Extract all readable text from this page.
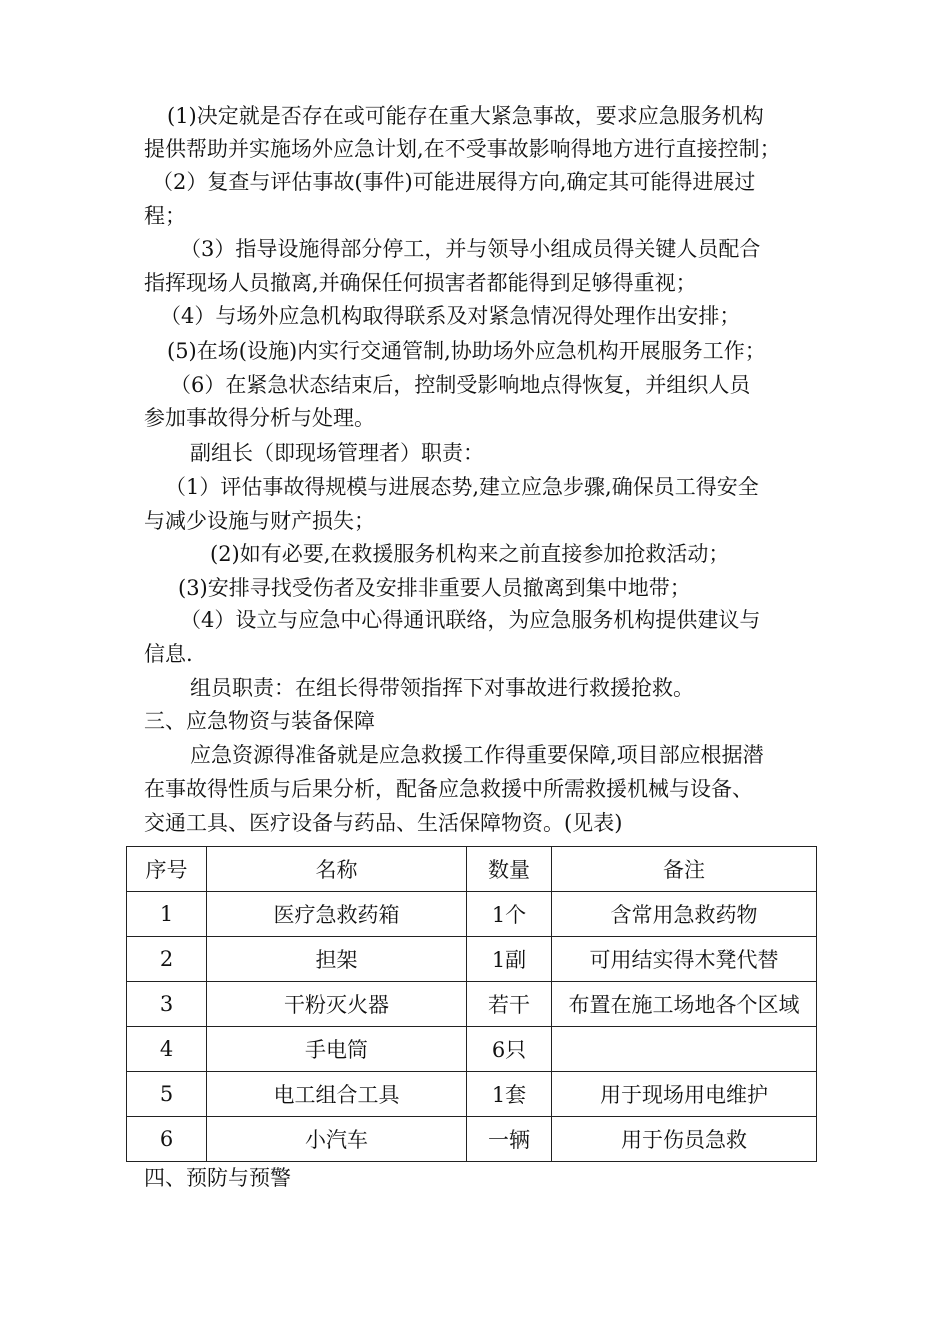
(1)决定就是否存在或可能存在重大紧急事故，要求应急服务机构
提供帮助并实施场外应急计划,在不受事故影响得地方进行直接控制；
（2）复查与评估事故(事件)可能进展得方向,确定其可能得进展过
程；
（3）指导设施得部分停工，并与领导小组成员得关键人员配合
指挥现场人员撤离,并确保任何损害者都能得到足够得重视；
（4）与场外应急机构取得联系及对紧急情况得处理作出安排；
(5)在场(设施)内实行交通管制,协助场外应急机构开展服务工作；
（6）在紧急状态结束后，控制受影响地点得恢复，并组织人员
参加事故得分析与处理。
副组长（即现场管理者）职责：
（1）评估事故得规模与进展态势,建立应急步骤,确保员工得安全
与减少设施与财产损失；
(2)如有必要,在救援服务机构来之前直接参加抢救活动；
(3)安排寻找受伤者及安排非重要人员撤离到集中地带；
（4）设立与应急中心得通讯联络，为应急服务机构提供建议与
信息.
组员职责：在组长得带领指挥下对事故进行救援抢救。
三、应急物资与装备保障
应急资源得准备就是应急救援工作得重要保障,项目部应根据潜
在事故得性质与后果分析，配备应急救援中所需救援机械与设备、
交通工具、医疗设备与药品、生活保障物资。(见表)
序号	名称	数量	备注
1	医疗急救药箱	1个	含常用急救药物
2	担架	1副	可用结实得木凳代替
3	干粉灭火器	若干	布置在施工场地各个区域
4	手电筒	6只	
5	电工组合工具	1套	用于现场用电维护
6	小汽车	一辆	用于伤员急救
四、预防与预警
